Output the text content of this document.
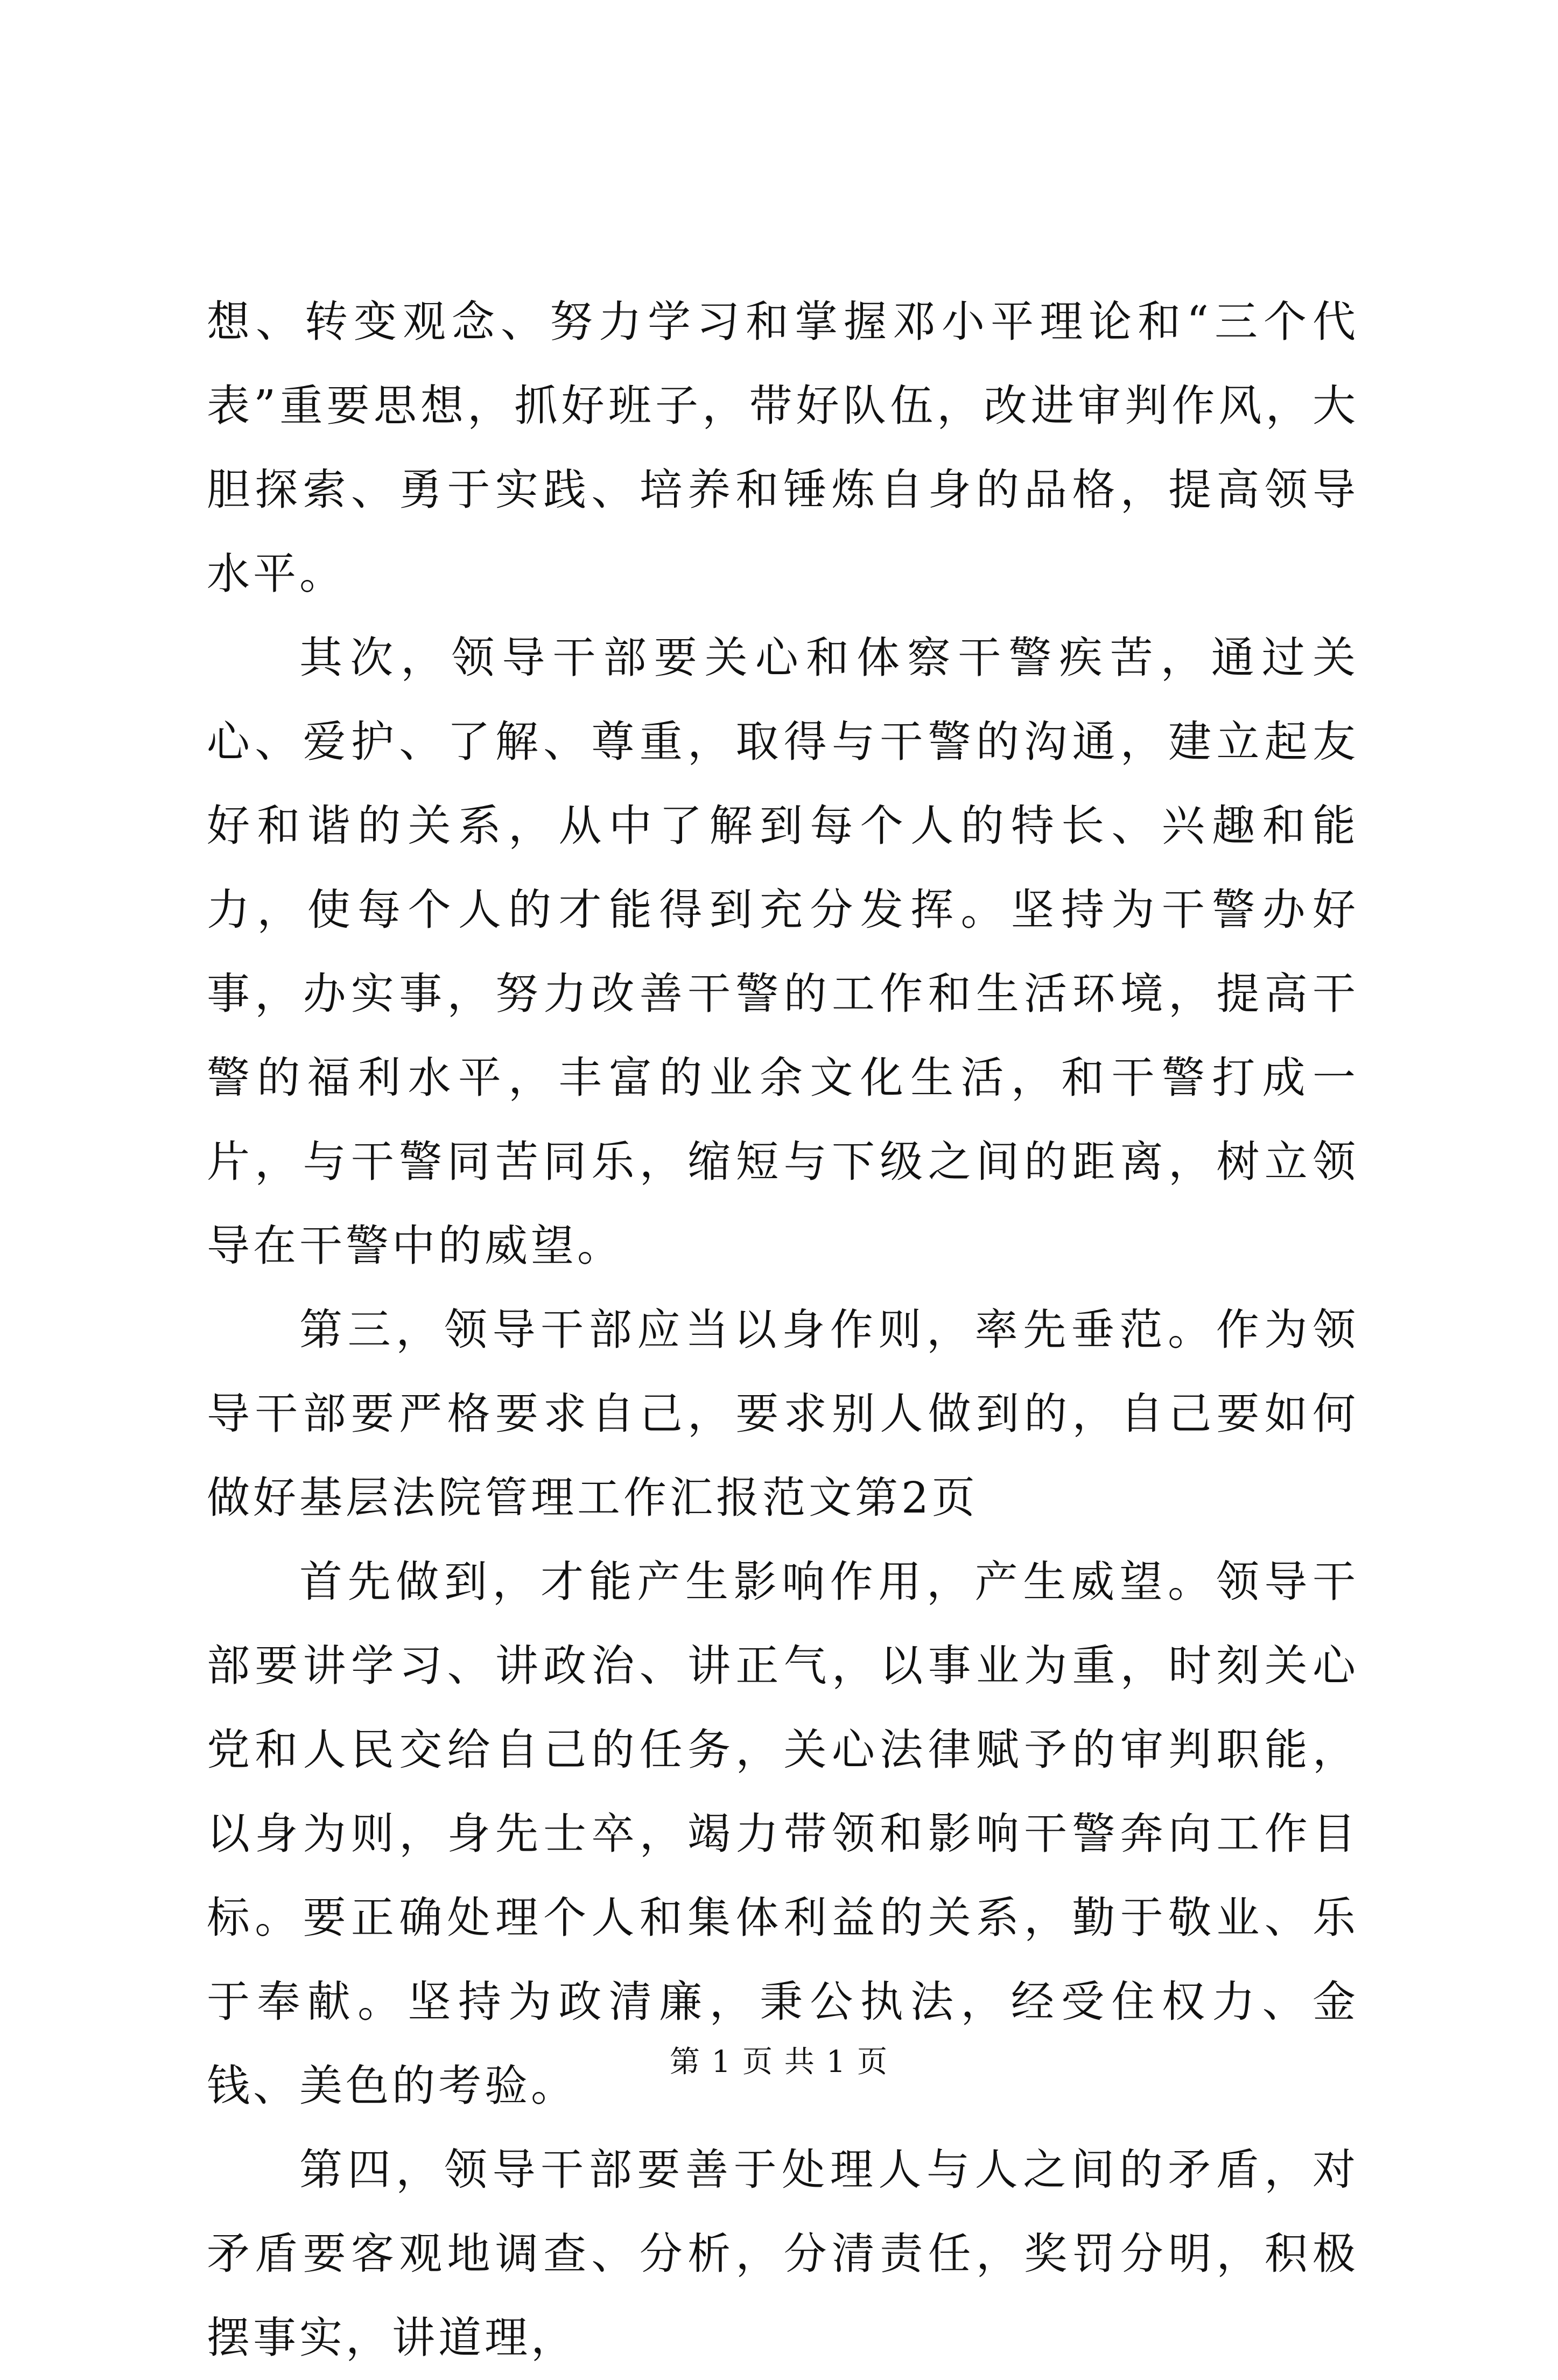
想、转变观念、努力学习和掌握邓小平理论和“三个代表”重要思想，抓好班子，带好队伍，改进审判作风，大胆探索、勇于实践、培养和锤炼自身的品格，提高领导水平。

其次，领导干部要关心和体察干警疾苦，通过关心、爱护、了解、尊重，取得与干警的沟通，建立起友好和谐的关系，从中了解到每个人的特长、兴趣和能力，使每个人的才能得到充分发挥。坚持为干警办好事，办实事，努力改善干警的工作和生活环境，提高干警的福利水平，丰富的业余文化生活，和干警打成一片，与干警同苦同乐，缩短与下级之间的距离，树立领导在干警中的威望。

第三，领导干部应当以身作则，率先垂范。作为领导干部要严格要求自己，要求别人做到的，自己要如何做好基层法院管理工作汇报范文第2页

首先做到，才能产生影响作用，产生威望。领导干部要讲学习、讲政治、讲正气，以事业为重，时刻关心党和人民交给自己的任务，关心法律赋予的审判职能，以身为则，身先士卒，竭力带领和影响干警奔向工作目标。要正确处理个人和集体利益的关系，勤于敬业、乐于奉献。坚持为政清廉，秉公执法，经受住权力、金钱、美色的考验。

第四，领导干部要善于处理人与人之间的矛盾，对矛盾要客观地调查、分析，分清责任，奖罚分明，积极摆事实，讲道理，

第 1 页 共 1 页
